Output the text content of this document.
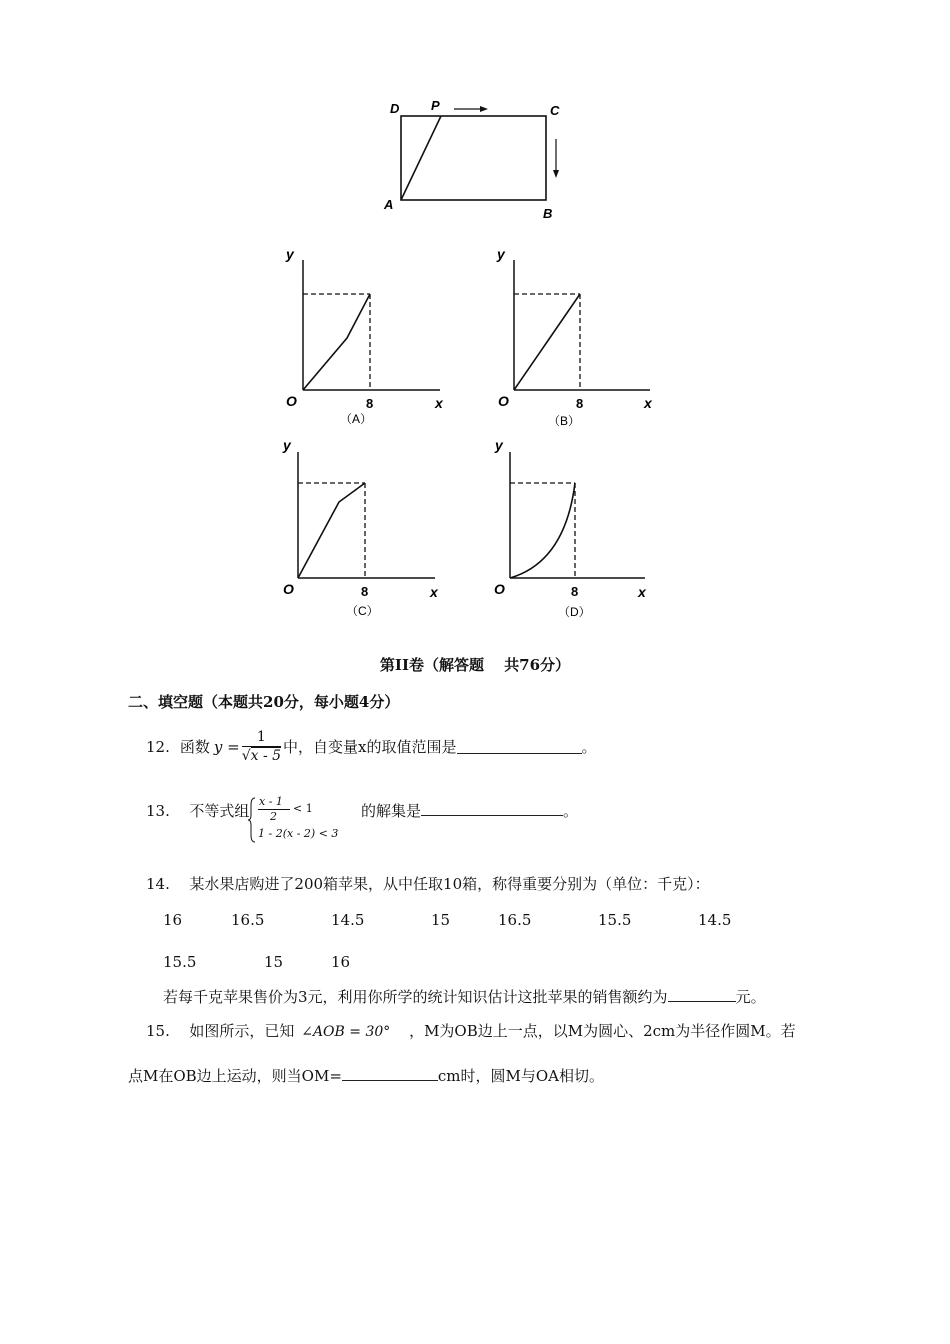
D P	C
A
B
y
O	8	x
（A）
y
O	8	x
（B）
y
O	8	x
（C）
y
O	8	x
（D）
第II卷（解答题　 共76分）
二、填空题（本题共20分，每小题4分）
12. 函数 $y = \frac{1}{√x - 5}$ 中，自变量x的取值范围是	。
13. 不等式组
x - 1
2
< 1
1 - 2(x - 2) < 3
的解集是	。
14. 某水果店购进了200箱苹果，从中任取10箱，称得重要分别为（单位：千克）：
16	16.5	14.5	15	16.5	15.5	14.5
15.5	15	16
若每千克苹果售价为3元，利用你所学的统计知识估计这批苹果的销售额约为	元。
15. 如图所示，已知 ∠AOB = 30° ，M为OB边上一点，以M为圆心、2cm为半径作圆M。若
点M在OB边上运动，则当OM=	cm时，圆M与OA相切。
